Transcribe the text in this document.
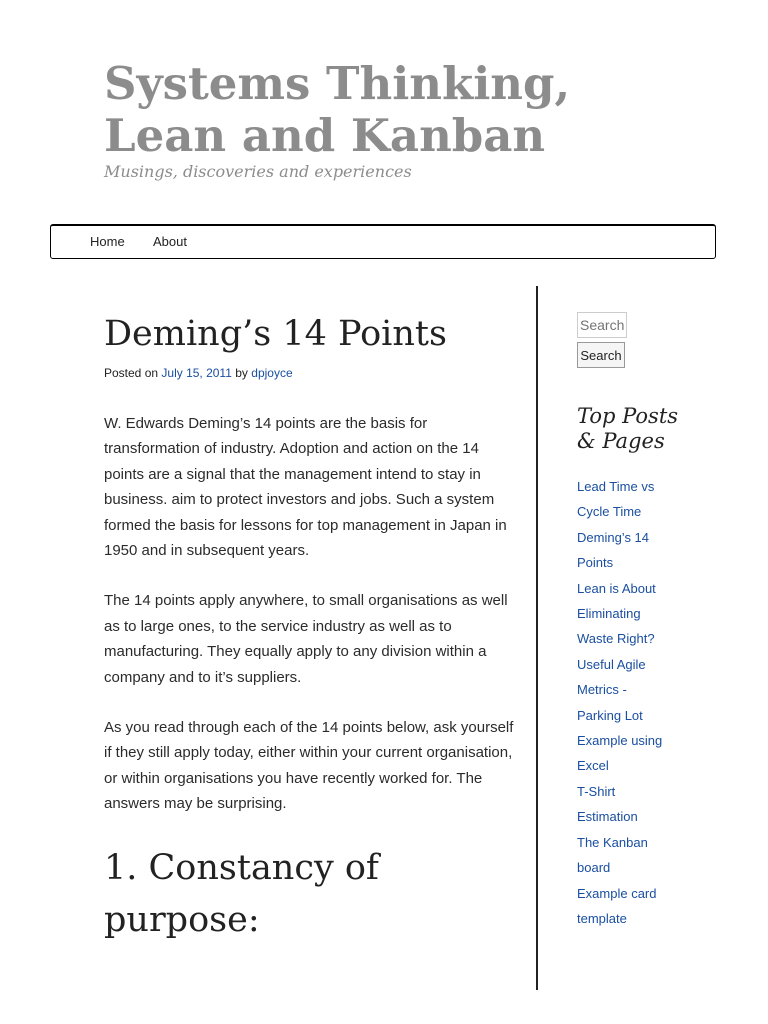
Systems Thinking, Lean and Kanban

Musings, discoveries and experiences

Home About
Deming’s 14 Points
Posted on July 15, 2011 by dpjoyce

W. Edwards Deming’s 14 points are the basis for transformation of industry. Adoption and action on the 14 points are a signal that the management intend to stay in business. aim to protect investors and jobs. Such a system formed the basis for lessons for top management in Japan in 1950 and in subsequent years.

The 14 points apply anywhere, to small organisations as well as to large ones, to the service industry as well as to manufacturing. They equally apply to any division within a company and to it’s suppliers.

As you read through each of the 14 points below, ask yourself if they still apply today, either within your current organisation, or within organisations you have recently worked for. The answers may be surprising.

1. Constancy of purpose:
Search
Search
Top Posts & Pages
Lead Time vs Cycle Time
Deming’s 14 Points
Lean is About Eliminating Waste Right?
Useful Agile Metrics - Parking Lot Example using Excel
T-Shirt Estimation
The Kanban board
Example card template
